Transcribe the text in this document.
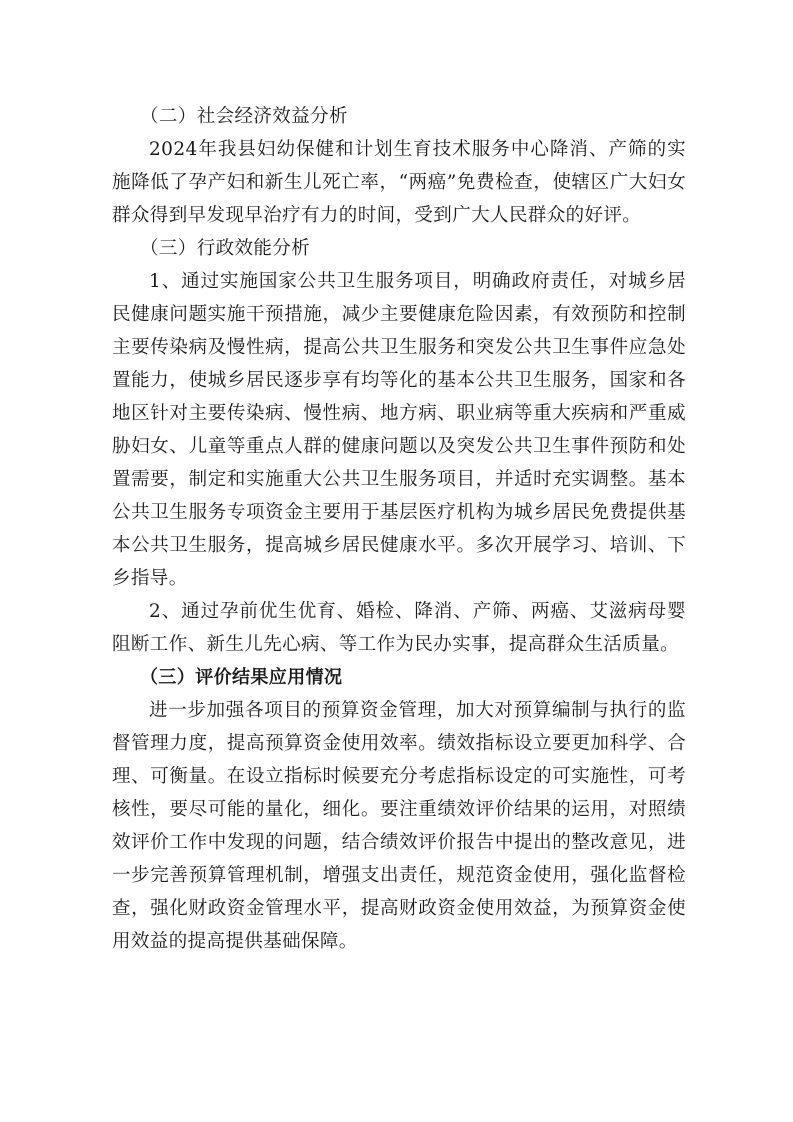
（二）社会经济效益分析

2024年我县妇幼保健和计划生育技术服务中心降消、产筛的实施降低了孕产妇和新生儿死亡率，“两癌”免费检查，使辖区广大妇女群众得到早发现早治疗有力的时间，受到广大人民群众的好评。

（三）行政效能分析

1、通过实施国家公共卫生服务项目，明确政府责任，对城乡居民健康问题实施干预措施，减少主要健康危险因素，有效预防和控制主要传染病及慢性病，提高公共卫生服务和突发公共卫生事件应急处置能力，使城乡居民逐步享有均等化的基本公共卫生服务，国家和各地区针对主要传染病、慢性病、地方病、职业病等重大疾病和严重威胁妇女、儿童等重点人群的健康问题以及突发公共卫生事件预防和处置需要，制定和实施重大公共卫生服务项目，并适时充实调整。基本公共卫生服务专项资金主要用于基层医疗机构为城乡居民免费提供基本公共卫生服务，提高城乡居民健康水平。多次开展学习、培训、下乡指导。

2、通过孕前优生优育、婚检、降消、产筛、两癌、艾滋病母婴阻断工作、新生儿先心病、等工作为民办实事，提高群众生活质量。

（三）评价结果应用情况

进一步加强各项目的预算资金管理，加大对预算编制与执行的监督管理力度，提高预算资金使用效率。绩效指标设立要更加科学、合理、可衡量。在设立指标时候要充分考虑指标设定的可实施性，可考核性，要尽可能的量化，细化。要注重绩效评价结果的运用，对照绩效评价工作中发现的问题，结合绩效评价报告中提出的整改意见，进一步完善预算管理机制，增强支出责任，规范资金使用，强化监督检查，强化财政资金管理水平，提高财政资金使用效益，为预算资金使用效益的提高提供基础保障。
